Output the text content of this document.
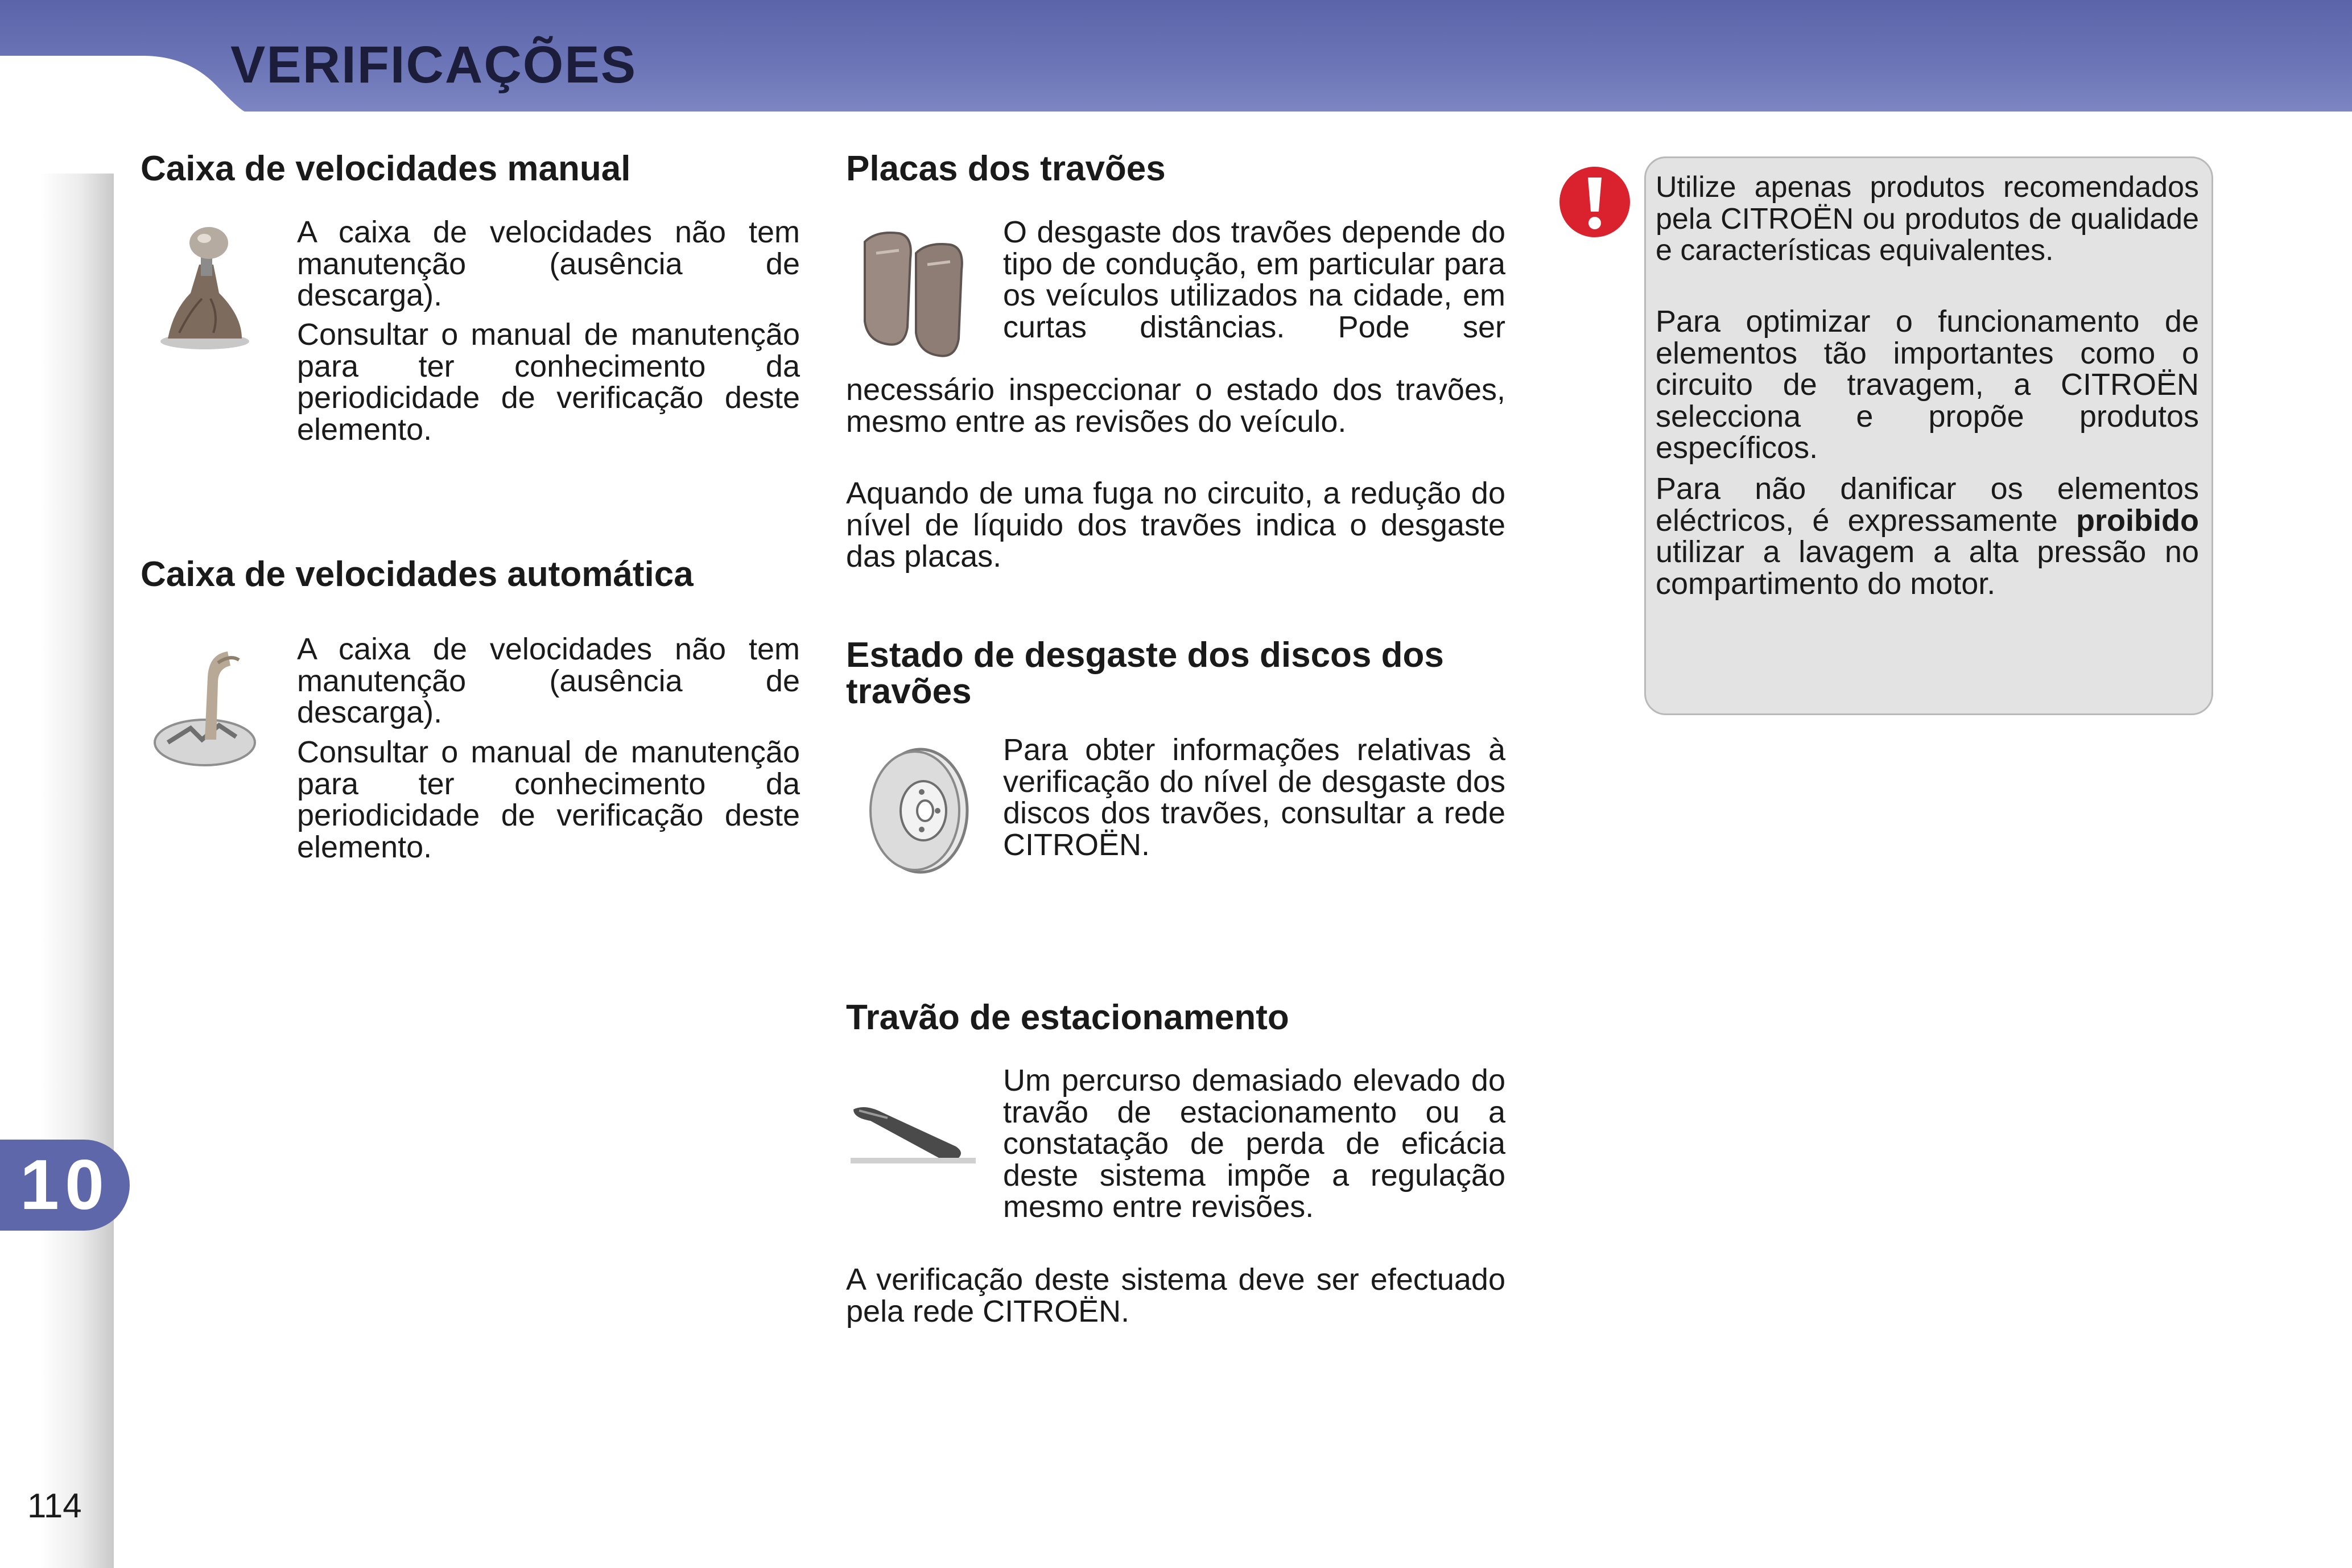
VERIFICAÇÕES
10
114
Caixa de velocidades manual

A caixa de velocidades não tem manutenção (ausência de descarga).

Consultar o manual de manutenção para ter conhecimento da periodicidade de verificação deste elemento.

Caixa de velocidades automática

A caixa de velocidades não tem manutenção (ausência de descarga).

Consultar o manual de manutenção para ter conhecimento da periodicidade de verificação deste elemento.

Placas dos travões

O desgaste dos travões depende do tipo de condução, em particular para os veículos utilizados na cidade, em curtas distâncias. Pode ser

necessário inspeccionar o estado dos travões, mesmo entre as revisões do veículo.

Aquando de uma fuga no circuito, a redução do nível de líquido dos travões indica o desgaste das placas.

Estado de desgaste dos discos dos travões

Para obter informações relativas à verificação do nível de desgaste dos discos dos travões, consultar a rede CITROËN.

Travão de estacionamento

Um percurso demasiado elevado do travão de estacionamento ou a constatação de perda de eficácia deste sistema impõe a regulação mesmo entre revisões.

A verificação deste sistema deve ser efectuado pela rede CITROËN.

Utilize apenas produtos recomendados pela CITROËN ou produtos de qualidade e características equivalentes.

Para optimizar o funcionamento de elementos tão importantes como o circuito de travagem, a CITROËN selecciona e propõe produtos específicos.

Para não danificar os elementos eléctricos, é expressamente proibido utilizar a lavagem a alta pressão no compartimento do motor.
